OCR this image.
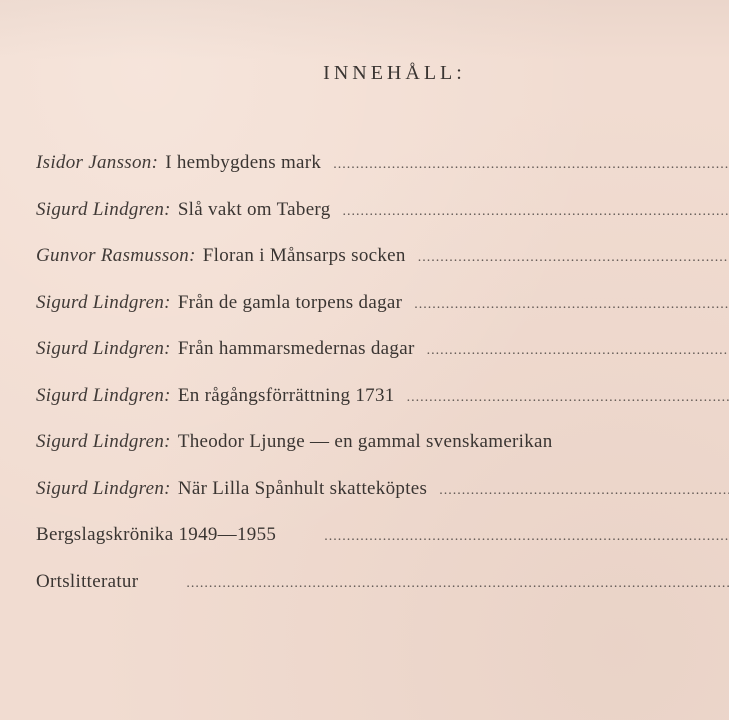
INNEHÅLL:
Isidor Jansson: I hembygdens mark
.....
Sigurd Lindgren: Slå vakt om Taberg
.....
Gunvor Rasmusson: Floran i Månsarps socken
.....
Sigurd Lindgren: Från de gamla torpens dagar
.....
Sigurd Lindgren: Från hammarsmedernas dagar
.....
Sigurd Lindgren: En rågångsförrättning 1731
.....
Sigurd Lindgren: Theodor Ljunge — en gammal svenskamerikan
Sigurd Lindgren: När Lilla Spånhult skatteköptes
.....
Bergslagskrönika 1949—1955
.....
Ortslitteratur
.....
